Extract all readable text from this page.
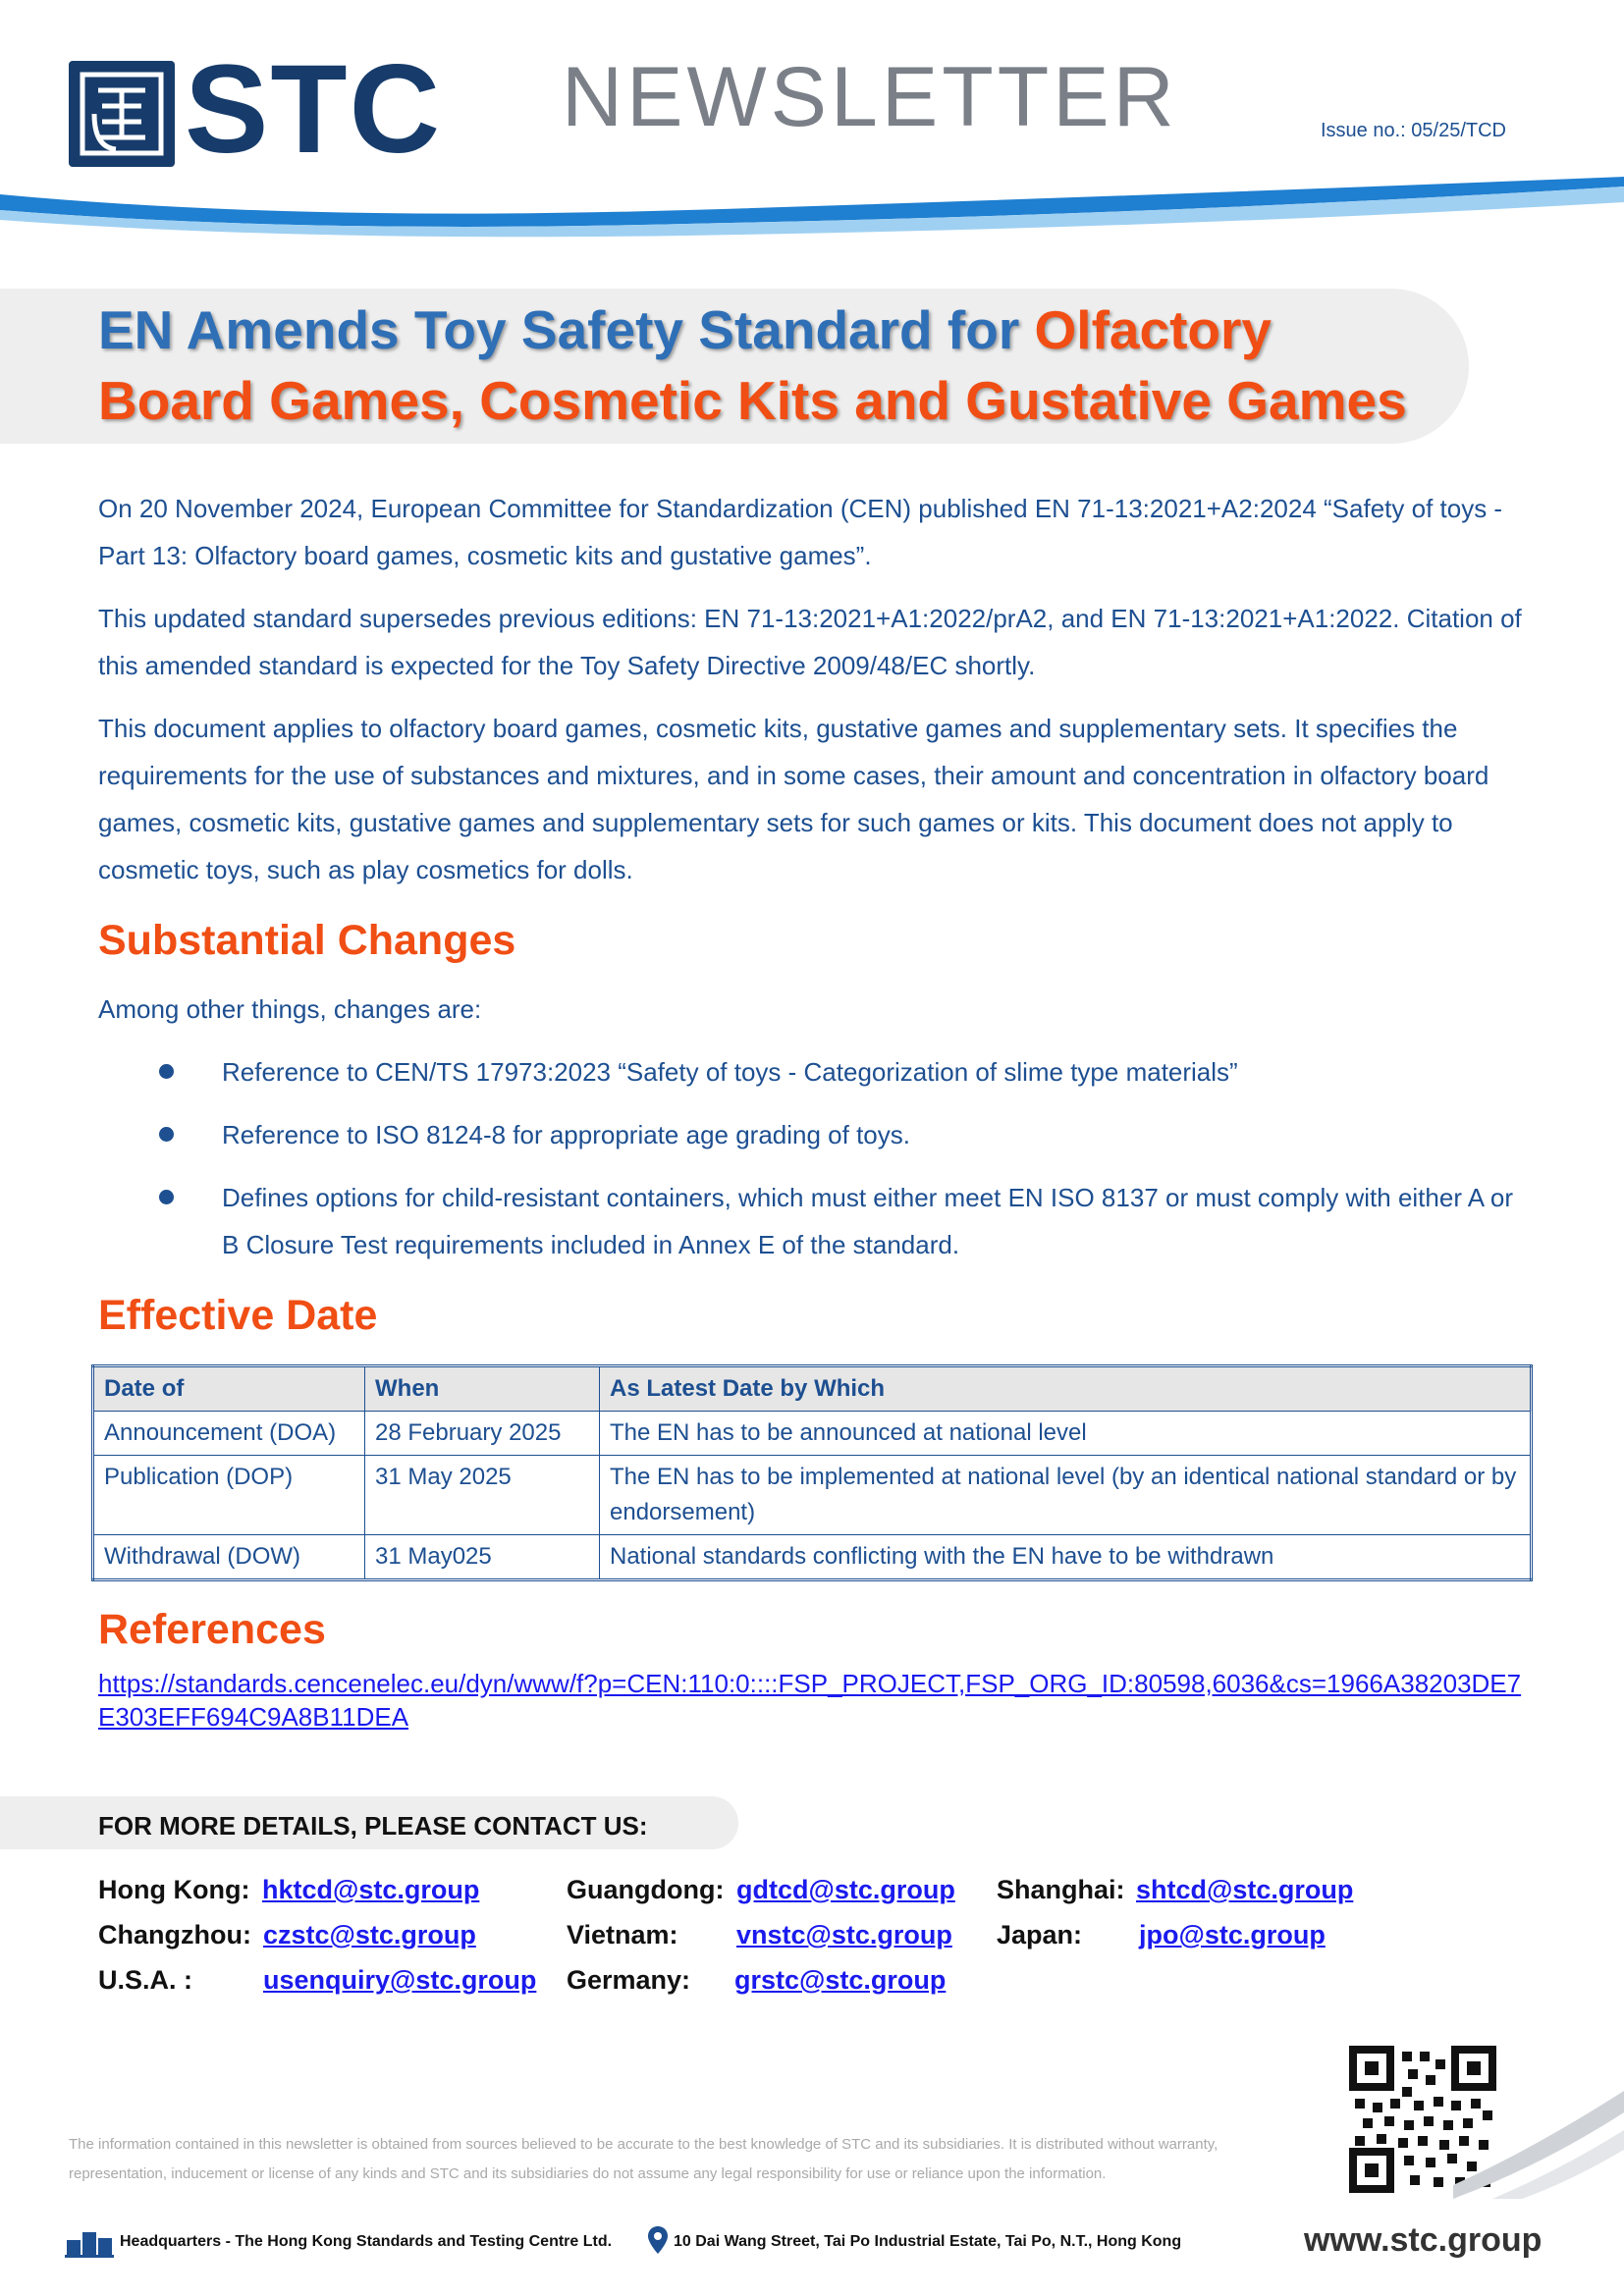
STC NEWSLETTER	Issue no.: 05/25/TCD
EN Amends Toy Safety Standard for Olfactory
Board Games, Cosmetic Kits and Gustative Games
On 20 November 2024, European Committee for Standardization (CEN) published EN 71-13:2021+A2:2024 “Safety of toys - Part 13: Olfactory board games, cosmetic kits and gustative games”.
This updated standard supersedes previous editions: EN 71-13:2021+A1:2022/prA2, and EN 71-13:2021+A1:2022. Citation of this amended standard is expected for the Toy Safety Directive 2009/48/EC shortly.
This document applies to olfactory board games, cosmetic kits, gustative games and supplementary sets. It specifies the requirements for the use of substances and mixtures, and in some cases, their amount and concentration in olfactory board games, cosmetic kits, gustative games and supplementary sets for such games or kits. This document does not apply to cosmetic toys, such as play cosmetics for dolls.
Substantial Changes
Among other things, changes are:
Reference to CEN/TS 17973:2023 “Safety of toys - Categorization of slime type materials”
Reference to ISO 8124-8 for appropriate age grading of toys.
Defines options for child-resistant containers, which must either meet EN ISO 8137 or must comply with either A or B Closure Test requirements included in Annex E of the standard.
Effective Date
Date of	When	As Latest Date by Which
Announcement (DOA)	28 February 2025	The EN has to be announced at national level
Publication (DOP)	31 May 2025	The EN has to be implemented at national level (by an identical national standard or by endorsement)
Withdrawal (DOW)	31 May025	National standards conflicting with the EN have to be withdrawn
References
https://standards.cencenelec.eu/dyn/www/f?p=CEN:110:0::::FSP_PROJECT,FSP_ORG_ID:80598,6036&cs=1966A38203DE7E303EFF694C9A8B11DEA
FOR MORE DETAILS, PLEASE CONTACT US:
Hong Kong: hktcd@stc.group	Guangdong: gdtcd@stc.group Shanghai: shtcd@stc.group
Changzhou: czstc@stc.group	Vietnam: vnstc@stc.group Japan: jpo@stc.group
U.S.A. :	usenquiry@stc.group Germany: grstc@stc.group
The information contained in this newsletter is obtained from sources believed to be accurate to the best knowledge of STC and its subsidiaries. It is distributed without warranty, representation, inducement or license of any kinds and STC and its subsidiaries do not assume any legal responsibility for use or reliance upon the information.
Headquarters - The Hong Kong Standards and Testing Centre Ltd.	10 Dai Wang Street, Tai Po Industrial Estate, Tai Po, N.T., Hong Kong	www.stc.group
